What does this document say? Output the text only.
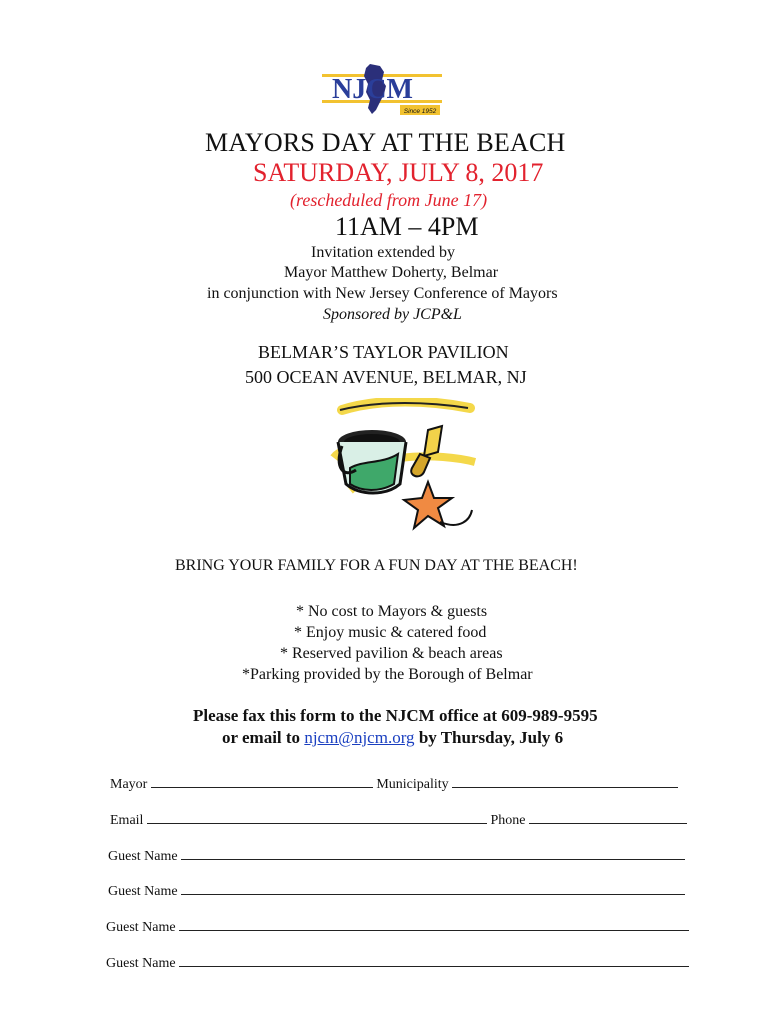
NJCM
Since 1952
MAYORS DAY AT THE BEACH
SATURDAY, JULY 8, 2017
(rescheduled from June 17)
11AM – 4PM
Invitation extended by
Mayor Matthew Doherty, Belmar
in conjunction with New Jersey Conference of Mayors
Sponsored by JCP&L
BELMAR’S TAYLOR PAVILION
500 OCEAN AVENUE, BELMAR, NJ
BRING YOUR FAMILY FOR A FUN DAY AT THE BEACH!
* No cost to Mayors & guests
* Enjoy music & catered food
* Reserved pavilion & beach areas
*Parking provided by the Borough of Belmar
Please fax this form to the NJCM office at 609-989-9595
or email to njcm@njcm.org by Thursday, July 6
Mayor	Municipality
Email	Phone
Guest Name
Guest Name
Guest Name
Guest Name
